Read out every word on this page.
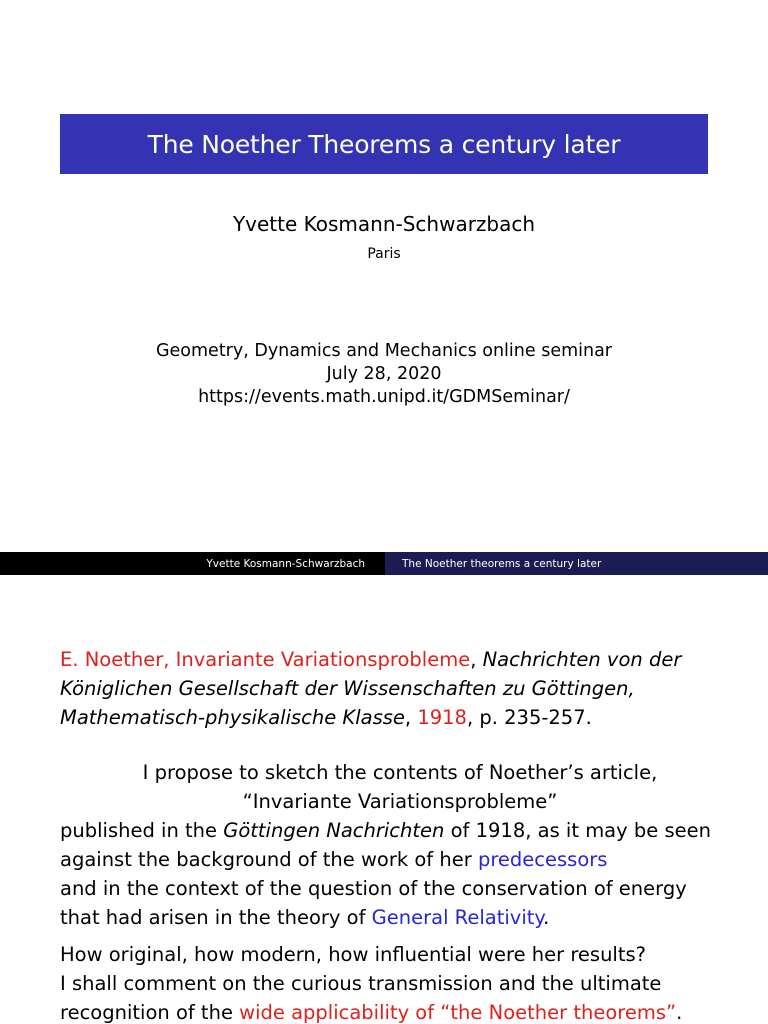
The Noether Theorems a century later
Yvette Kosmann-Schwarzbach
Paris
Geometry, Dynamics and Mechanics online seminar
July 28, 2020
https://events.math.unipd.it/GDMSeminar/
Yvette Kosmann-Schwarzbach	The Noether theorems a century later
E. Noether, Invariante Variationsprobleme, Nachrichten von der
Königlichen Gesellschaft der Wissenschaften zu Göttingen,
Mathematisch-physikalische Klasse, 1918, p. 235-257.
I propose to sketch the contents of Noether’s article,
“Invariante Variationsprobleme”
published in the Göttingen Nachrichten of 1918, as it may be seen
against the background of the work of her predecessors
and in the context of the question of the conservation of energy
that had arisen in the theory of General Relativity.
How original, how modern, how influential were her results?
I shall comment on the curious transmission and the ultimate
recognition of the wide applicability of “the Noether theorems”.
